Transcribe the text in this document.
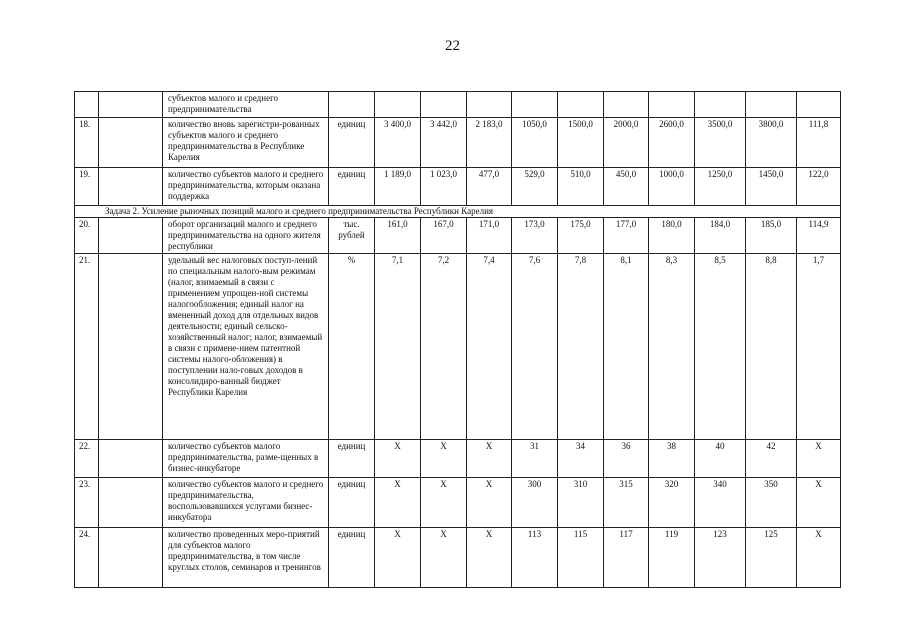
22
		субъектов малого и среднего предпринимательства											
18.		количество вновь зарегистри-рованных субъектов малого и среднего предпринимательства в Республике Карелия	единиц	3 400,0	3 442,0	2 183,0	1050,0	1500,0	2000,0	2600,0	3500,0	3800,0	111,8
19.		количество субъектов малого и среднего предпринимательства, которым оказана поддержка	единиц	1 189,0	1 023,0	477,0	529,0	510,0	450,0	1000,0	1250,0	1450,0	122,0
Задача 2. Усиление рыночных позиций малого и среднего предпринимательства Республики Карелия													
20.		оборот организаций малого и среднего предпринимательства на одного жителя республики	тыс. рублей	161,0	167,0	171,0	173,0	175,0	177,0	180,0	184,0	185,0	114,9
21.		удельный вес налоговых поступ-лений по специальным налого-вым режимам (налог, взимаемый в связи с применением упрощен-ной системы налогообложения; единый налог на вмененный доход для отдельных видов деятельности; единый сельско-хозяйственный налог; налог, взимаемый в связи с примене-нием патентной системы налого-обложения) в поступлении нало-говых доходов в консолидиро-ванный бюджет Республики Карелия	%	7,1	7,2	7,4	7,6	7,8	8,1	8,3	8,5	8,8	1,7
22.		количество субъектов малого предпринимательства, разме-щенных в бизнес-инкубаторе	единиц	Х	Х	Х	31	34	36	38	40	42	Х
23.		количество субъектов малого и среднего предпринимательства, воспользовавшихся услугами бизнес-инкубатора	единиц	Х	Х	Х	300	310	315	320	340	350	Х
24.		количество проведенных меро-приятий для субъектов малого предпринимательства, в том числе круглых столов, семинаров и тренингов	единиц	Х	Х	Х	113	115	117	119	123	125	Х
